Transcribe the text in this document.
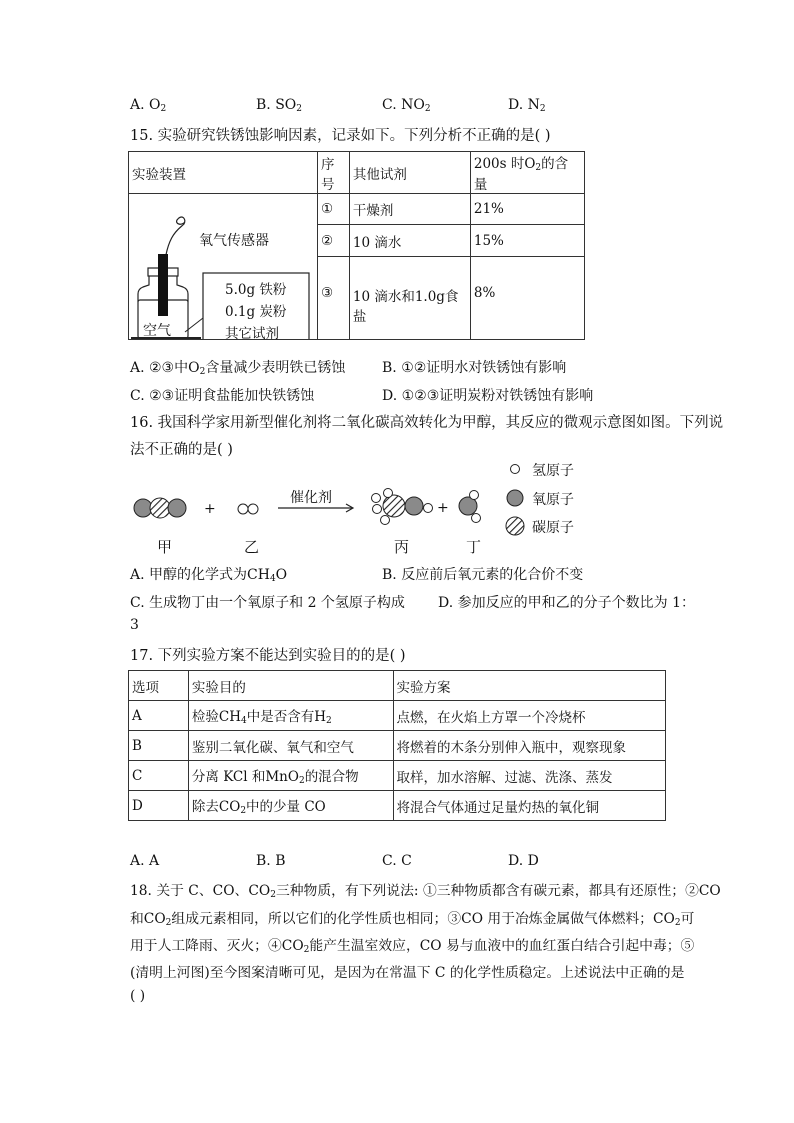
A. $O_2$	B. $SO_2$	C. $NO_2$	D. $N_2$
15. 实验研究铁锈蚀影响因素，记录如下。下列分析不正确的是( )
实验装置	序号	其他试剂	200s 时$O_2$的含量

氧气传感器
空气
5.0g 铁粉
0.1g 炭粉
其它试剂	①	干燥剂	21%
	②	10 滴水	15%
	③	10 滴水和1.0g食盐	8%
A. ②③中$O_2$含量减少表明铁已锈蚀	B. ①②证明水对铁锈蚀有影响
C. ②③证明食盐能加快铁锈蚀	D. ①②③证明炭粉对铁锈蚀有影响
16. 我国科学家用新型催化剂将二氧化碳高效转化为甲醇，其反应的微观示意图如图。下列说
法不正确的是( )
+	+
催化剂
甲	乙	丙	丁
氢原子
氧原子
碳原子
A. 甲醇的化学式为$CH_4O$	B. 反应前后氧元素的化合价不变
C. 生成物丁由一个氧原子和 2 个氢原子构成 D. 参加反应的甲和乙的分子个数比为 1：
3
17. 下列实验方案不能达到实验目的的是( )
选项	实验目的	实验方案
A	检验$CH_4$中是否含有$H_2$	点燃，在火焰上方罩一个冷烧杯
B	鉴别二氧化碳、氧气和空气	将燃着的木条分别伸入瓶中，观察现象
C	分离 KCl 和MnO$_2$的混合物	取样，加水溶解、过滤、洗涤、蒸发
D	除去$CO_2$中的少量 CO	将混合气体通过足量灼热的氧化铜
A. A	B. B	C. C	D. D
18. 关于 C、CO、$CO_2$三种物质，有下列说法: ①三种物质都含有碳元素，都具有还原性；②CO
和$CO_2$组成元素相同，所以它们的化学性质也相同；③CO 用于冶炼金属做气体燃料；$CO_2$可
用于人工降雨、灭火；$④CO_2$能产生温室效应，CO 易与血液中的血红蛋白结合引起中毒；⑤
(清明上河图)至今图案清晰可见，是因为在常温下 C 的化学性质稳定。上述说法中正确的是
( )
